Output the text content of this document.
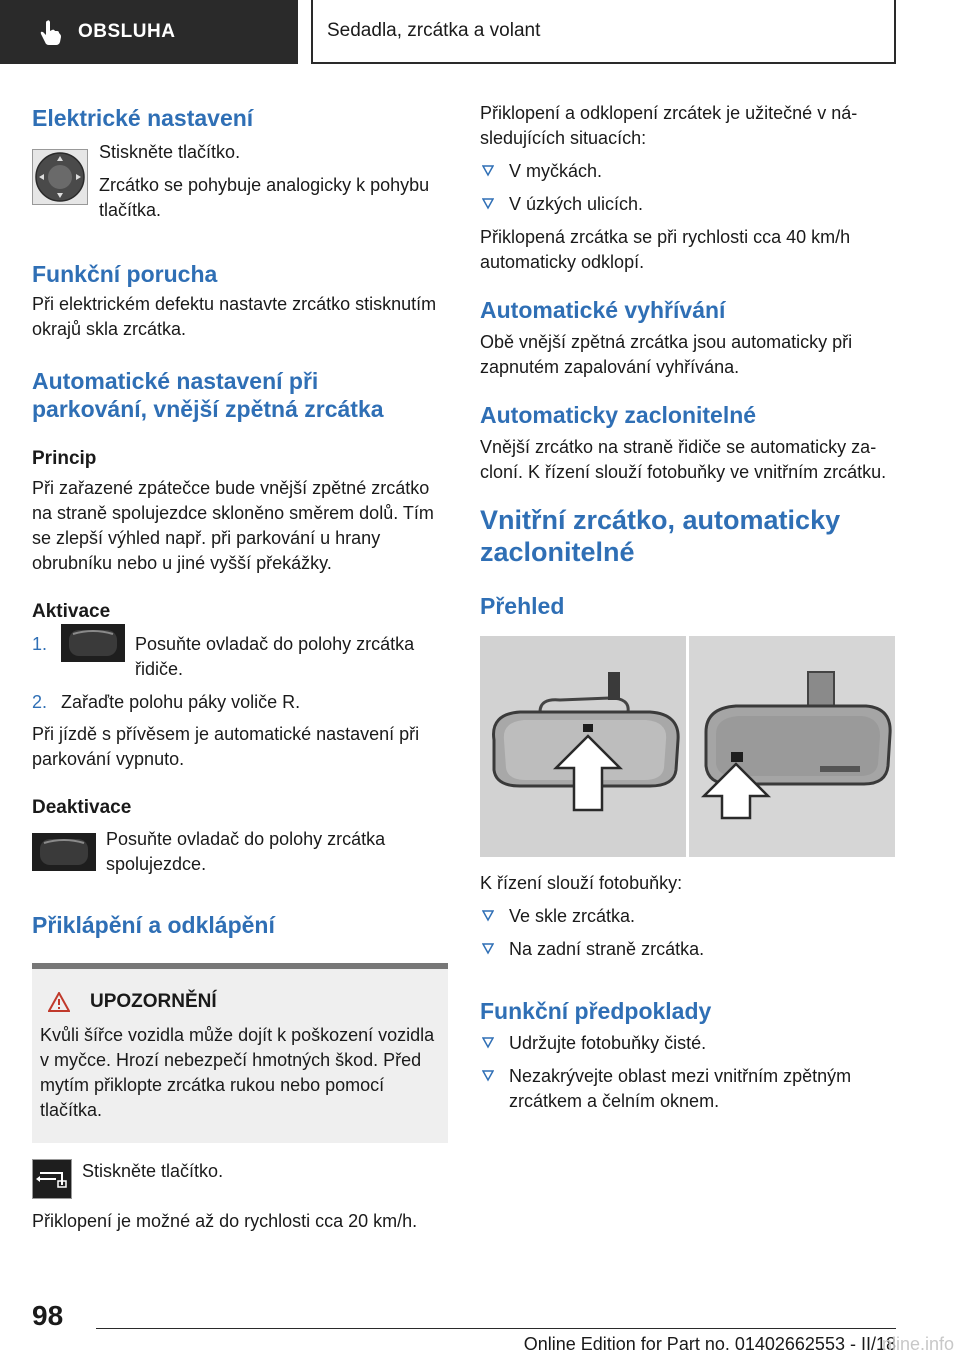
OBSLUHA	Sedadla, zrcátka a volant
Elektrické nastavení
Stiskněte tlačítko.
Zrcátko se pohybuje analogicky k pohybu tlačítka.
Funkční porucha
Při elektrickém defektu nastavte zrcátko stisknutím okrajů skla zrcátka.
Automatické nastavení při parkování, vnější zpětná zrcátka
Princip
Při zařazené zpátečce bude vnější zpětné zrcátko na straně spolujezdce skloněno směrem dolů. Tím se zlepší výhled např. při parkování u hrany obrubníku nebo u jiné vyšší překážky.
Aktivace
1.	Posuňte ovladač do polohy zrcátka řidiče.
2. Zařaďte polohu páky voliče R.
Při jízdě s přívěsem je automatické nastavení při parkování vypnuto.
Deaktivace
Posuňte ovladač do polohy zrcátka spolujezdce.
Přiklápění a odklápění
UPOZORNĚNÍ
Kvůli šířce vozidla může dojít k poškození vozidla v myčce. Hrozí nebezpečí hmotných škod. Před mytím přiklopte zrcátka rukou nebo pomocí tlačítka.
Stiskněte tlačítko.
Přiklopení je možné až do rychlosti cca 20 km/h.
Přiklopení a odklopení zrcátek je užitečné v následujících situacích:
V myčkách.
V úzkých ulicích.
Přiklopená zrcátka se při rychlosti cca 40 km/h automaticky odklopí.
Automatické vyhřívání
Obě vnější zpětná zrcátka jsou automaticky při zapnutém zapalování vyhřívána.
Automaticky zaclonitelné
Vnější zrcátko na straně řidiče se automaticky zacloní. K řízení slouží fotobuňky ve vnitřním zrcátku.
Vnitřní zrcátko, automaticky zaclonitelné
Přehled
K řízení slouží fotobuňky:
Ve skle zrcátka.
Na zadní straně zrcátka.
Funkční předpoklady
Udržujte fotobuňky čisté.
Nezakrývejte oblast mezi vnitřním zpětným zrcátkem a čelním oknem.
98
Online Edition for Part no. 01402662553 - II/18
nline.info
